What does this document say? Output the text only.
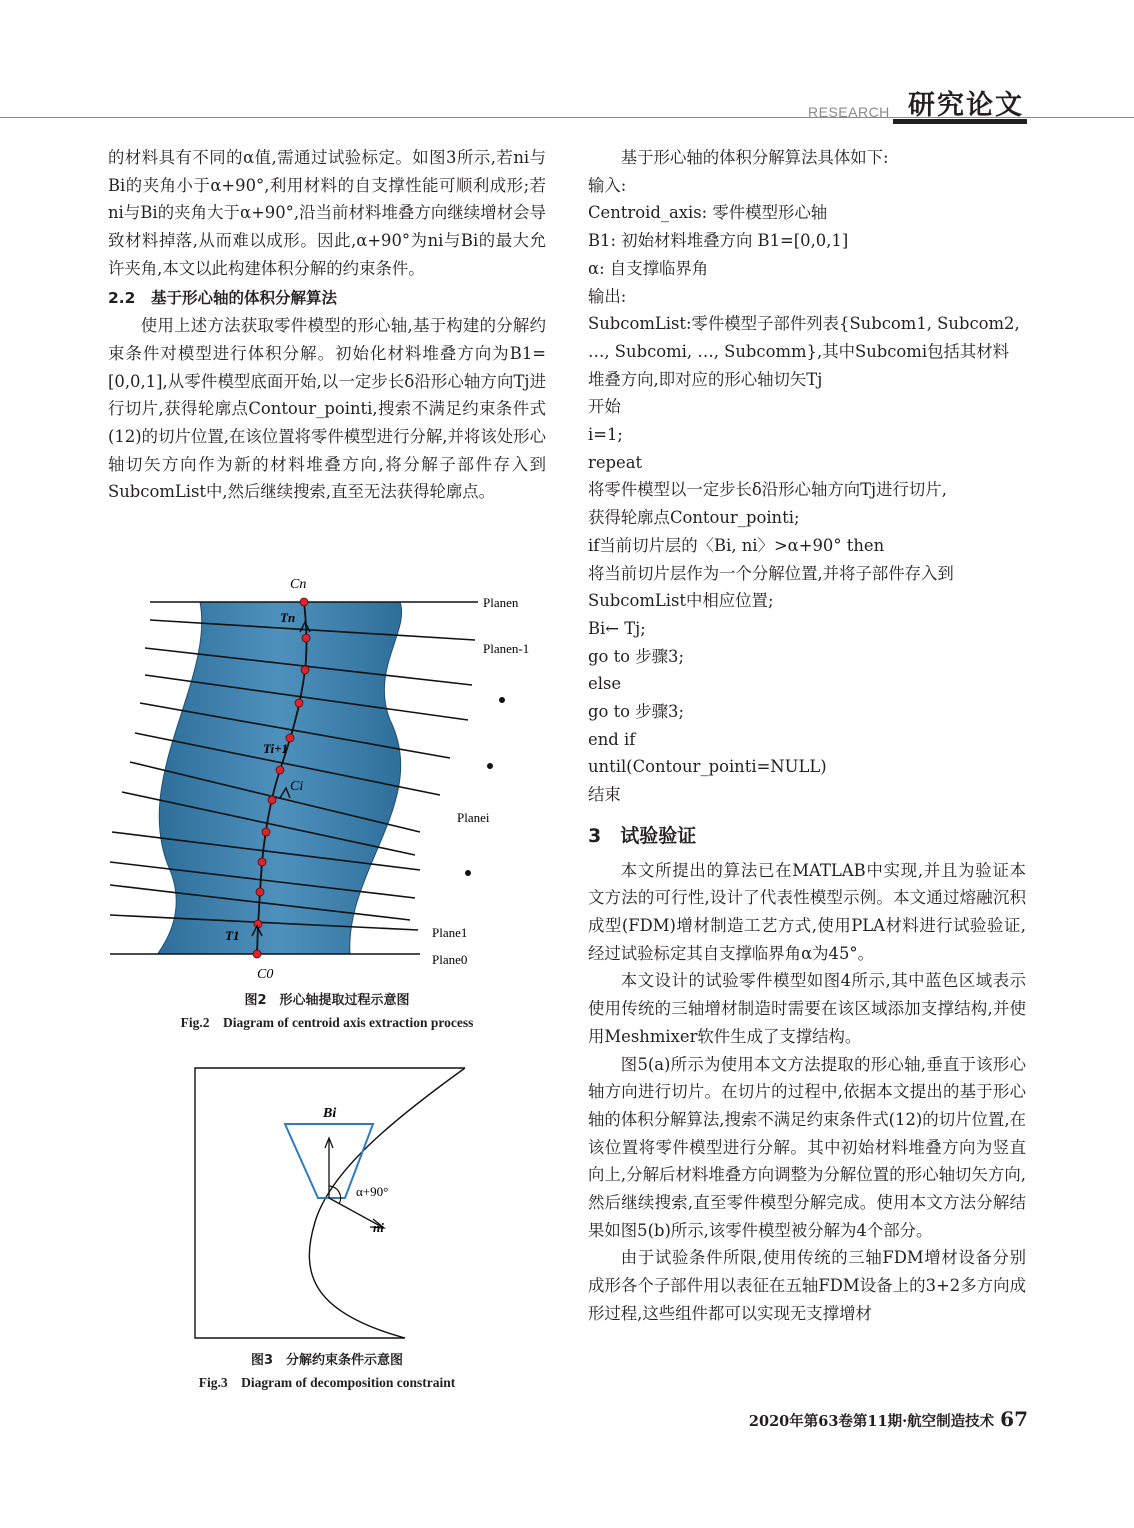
RESEARCH 研究论文

的材料具有不同的α值,需通过试验标定。如图3所示,若ni与Bi的夹角小于α+90°,利用材料的自支撑性能可顺利成形;若ni与Bi的夹角大于α+90°,沿当前材料堆叠方向继续增材会导致材料掉落,从而难以成形。因此,α+90°为ni与Bi的最大允许夹角,本文以此构建体积分解的约束条件。

2.2　基于形心轴的体积分解算法

使用上述方法获取零件模型的形心轴,基于构建的分解约束条件对模型进行体积分解。初始化材料堆叠方向为B1=[0,0,1],从零件模型底面开始,以一定步长δ沿形心轴方向Tj进行切片,获得轮廓点Contour_pointi,搜索不满足约束条件式(12)的切片位置,在该位置将零件模型进行分解,并将该处形心轴切矢方向作为新的材料堆叠方向,将分解子部件存入到SubcomList中,然后继续搜索,直至无法获得轮廓点。

Cn
Tn
Ti+1
Ci
T1
C0
Planen
Planen-1
Planei
Plane1
Plane0
图2　形心轴提取过程示意图
Fig.2　Diagram of centroid axis extraction process
Bi
α+90°
ni
图3　分解约束条件示意图
Fig.3　Diagram of decomposition constraint
　　基于形心轴的体积分解算法具体如下:
输入:
Centroid_axis: 零件模型形心轴
B1: 初始材料堆叠方向 B1=[0,0,1]
α: 自支撑临界角
输出:
SubcomList:零件模型子部件列表{Subcom1, Subcom2,
…, Subcomi, …, Subcomm},其中Subcomi包括其材料
堆叠方向,即对应的形心轴切矢Tj
开始
i=1;
repeat
将零件模型以一定步长δ沿形心轴方向Tj进行切片,
获得轮廓点Contour_pointi;
if当前切片层的〈Bi, ni〉>α+90° then
将当前切片层作为一个分解位置,并将子部件存入到
SubcomList中相应位置;
Bi← Tj;
go to 步骤3;
else
go to 步骤3;
end if
until(Contour_pointi=NULL)
结束

3　试验验证

本文所提出的算法已在MATLAB中实现,并且为验证本文方法的可行性,设计了代表性模型示例。本文通过熔融沉积成型(FDM)增材制造工艺方式,使用PLA材料进行试验验证,经过试验标定其自支撑临界角α为45°。

本文设计的试验零件模型如图4所示,其中蓝色区域表示使用传统的三轴增材制造时需要在该区域添加支撑结构,并使用Meshmixer软件生成了支撑结构。

图5(a)所示为使用本文方法提取的形心轴,垂直于该形心轴方向进行切片。在切片的过程中,依据本文提出的基于形心轴的体积分解算法,搜索不满足约束条件式(12)的切片位置,在该位置将零件模型进行分解。其中初始材料堆叠方向为竖直向上,分解后材料堆叠方向调整为分解位置的形心轴切矢方向,然后继续搜索,直至零件模型分解完成。使用本文方法分解结果如图5(b)所示,该零件模型被分解为4个部分。

由于试验条件所限,使用传统的三轴FDM增材设备分别成形各个子部件用以表征在五轴FDM设备上的3+2多方向成形过程,这些组件都可以实现无支撑增材

2020年第63卷第11期·航空制造技术 67
